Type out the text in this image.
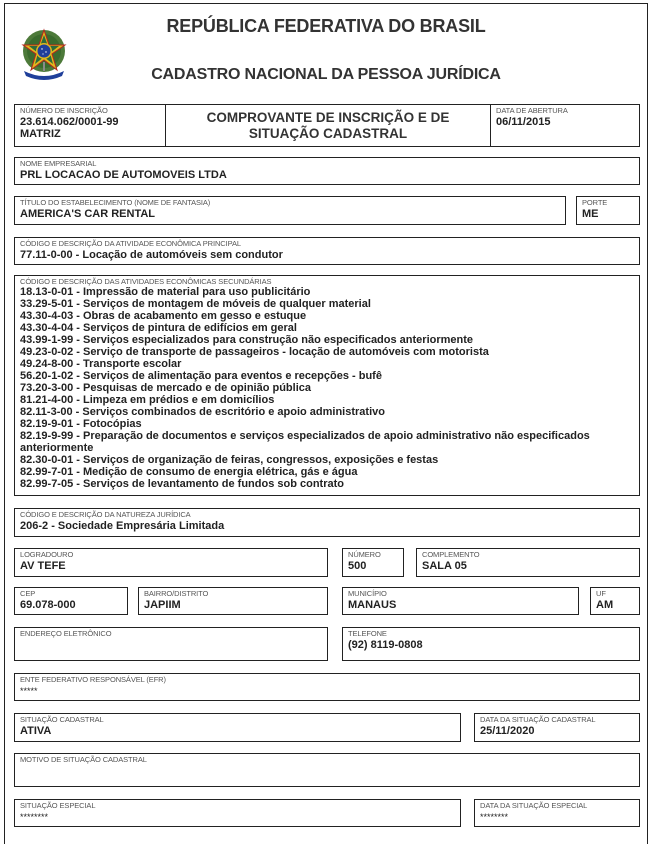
REPÚBLICA FEDERATIVA DO BRASIL
CADASTRO NACIONAL DA PESSOA JURÍDICA
NÚMERO DE INSCRIÇÃO
23.614.062/0001-99
MATRIZ
COMPROVANTE DE INSCRIÇÃO E DE SITUAÇÃO CADASTRAL
DATA DE ABERTURA
06/11/2015
NOME EMPRESARIAL
PRL LOCACAO DE AUTOMOVEIS LTDA
TÍTULO DO ESTABELECIMENTO (NOME DE FANTASIA)
AMERICA'S CAR RENTAL
PORTE
ME
CÓDIGO E DESCRIÇÃO DA ATIVIDADE ECONÔMICA PRINCIPAL
77.11-0-00 - Locação de automóveis sem condutor
CÓDIGO E DESCRIÇÃO DAS ATIVIDADES ECONÔMICAS SECUNDÁRIAS
18.13-0-01 - Impressão de material para uso publicitário
33.29-5-01 - Serviços de montagem de móveis de qualquer material
43.30-4-03 - Obras de acabamento em gesso e estuque
43.30-4-04 - Serviços de pintura de edifícios em geral
43.99-1-99 - Serviços especializados para construção não especificados anteriormente
49.23-0-02 - Serviço de transporte de passageiros - locação de automóveis com motorista
49.24-8-00 - Transporte escolar
56.20-1-02 - Serviços de alimentação para eventos e recepções - bufê
73.20-3-00 - Pesquisas de mercado e de opinião pública
81.21-4-00 - Limpeza em prédios e em domicílios
82.11-3-00 - Serviços combinados de escritório e apoio administrativo
82.19-9-01 - Fotocópias
82.19-9-99 - Preparação de documentos e serviços especializados de apoio administrativo não especificados anteriormente
82.30-0-01 - Serviços de organização de feiras, congressos, exposições e festas
82.99-7-01 - Medição de consumo de energia elétrica, gás e água
82.99-7-05 - Serviços de levantamento de fundos sob contrato
CÓDIGO E DESCRIÇÃO DA NATUREZA JURÍDICA
206-2 - Sociedade Empresária Limitada
LOGRADOURO
AV TEFE
NÚMERO
500
COMPLEMENTO
SALA 05
CEP
69.078-000
BAIRRO/DISTRITO
JAPIIM
MUNICÍPIO
MANAUS
UF
AM
ENDEREÇO ELETRÔNICO	TELEFONE
(92) 8119-0808
ENTE FEDERATIVO RESPONSÁVEL (EFR)
*****
SITUAÇÃO CADASTRAL
ATIVA
DATA DA SITUAÇÃO CADASTRAL
25/11/2020
MOTIVO DE SITUAÇÃO CADASTRAL
SITUAÇÃO ESPECIAL
********
DATA DA SITUAÇÃO ESPECIAL
********
